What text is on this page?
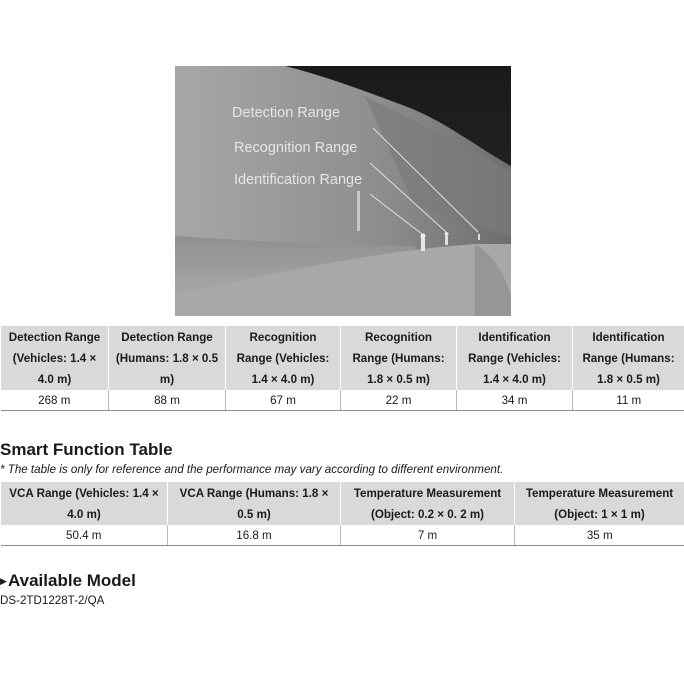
Detection Range
Recognition Range
Identification Range
Detection Range (Vehicles: 1.4 × 4.0 m)	Detection Range (Humans: 1.8 × 0.5 m)	Recognition Range (Vehicles: 1.4 × 4.0 m)	Recognition Range (Humans: 1.8 × 0.5 m)	Identification Range (Vehicles: 1.4 × 4.0 m)	Identification Range (Humans: 1.8 × 0.5 m)
268 m	88 m	67 m	22 m	34 m	11 m
Smart Function Table
* The table is only for reference and the performance may vary according to different environment.
VCA Range (Vehicles: 1.4 × 4.0 m)	VCA Range (Humans: 1.8 × 0.5 m)	Temperature Measurement (Object: 0.2 × 0. 2 m)	Temperature Measurement (Object: 1 × 1 m)
50.4 m	16.8 m	7 m	35 m
▶ Available Model
DS-2TD1228T-2/QA
